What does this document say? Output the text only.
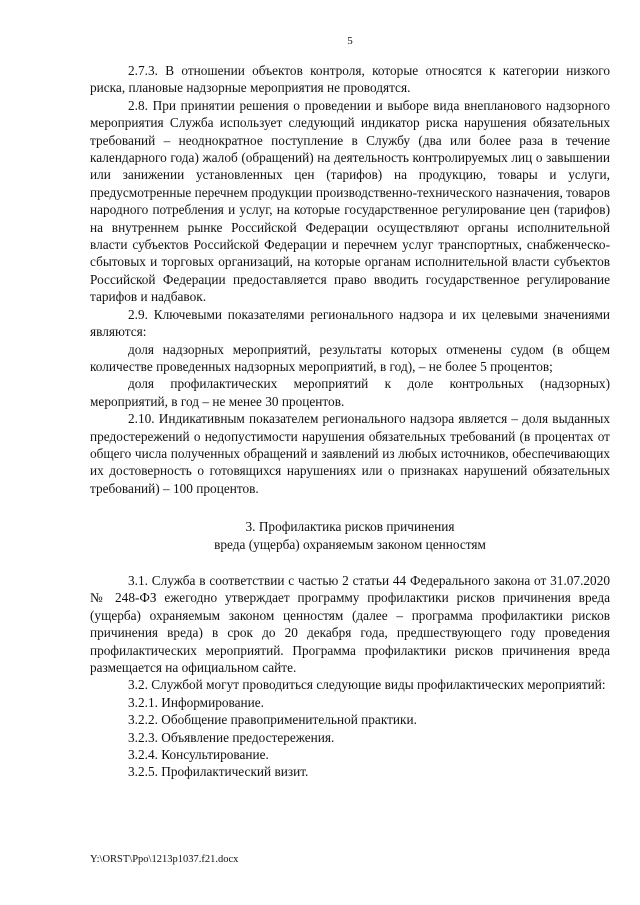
5

2.7.3. В отношении объектов контроля, которые относятся к категории низкого риска, плановые надзорные мероприятия не проводятся.

2.8. При принятии решения о проведении и выборе вида внепланового надзорного мероприятия Служба использует следующий индикатор риска нарушения обязательных требований – неоднократное поступление в Службу (два или более раза в течение календарного года) жалоб (обращений) на деятельность контролируемых лиц о завышении или занижении установленных цен (тарифов) на продукцию, товары и услуги, предусмотренные перечнем продукции производственно-технического назначения, товаров народного потребления и услуг, на которые государственное регулирование цен (тарифов) на внутреннем рынке Российской Федерации осуществляют органы исполнительной власти субъектов Российской Федерации и перечнем услуг транспортных, снабженческо-сбытовых и торговых организаций, на которые органам исполнительной власти субъектов Российской Федерации предоставляется право вводить государственное регулирование тарифов и надбавок.

2.9. Ключевыми показателями регионального надзора и их целевыми значениями являются:

доля надзорных мероприятий, результаты которых отменены судом (в общем количестве проведенных надзорных мероприятий, в год), – не более 5 процентов;

доля профилактических мероприятий к доле контрольных (надзорных) мероприятий, в год – не менее 30 процентов.

2.10. Индикативным показателем регионального надзора является – доля выданных предостережений о недопустимости нарушения обязательных требований (в процентах от общего числа полученных обращений и заявлений из любых источников, обеспечивающих их достоверность о готовящихся нарушениях или о признаках нарушений обязательных требований) – 100 процентов.

3. Профилактика рисков причинения
вреда (ущерба) охраняемым законом ценностям

3.1. Служба в соответствии с частью 2 статьи 44 Федерального закона от 31.07.2020 № 248-ФЗ ежегодно утверждает программу профилактики рисков причинения вреда (ущерба) охраняемым законом ценностям (далее – программа профилактики рисков причинения вреда) в срок до 20 декабря года, предшествующего году проведения профилактических мероприятий. Программа профилактики рисков причинения вреда размещается на официальном сайте.

3.2. Службой могут проводиться следующие виды профилактических мероприятий:

3.2.1. Информирование.

3.2.2. Обобщение правоприменительной практики.

3.2.3. Объявление предостережения.

3.2.4. Консультирование.

3.2.5. Профилактический визит.

Y:\ORST\Ppo\1213p1037.f21.docx
